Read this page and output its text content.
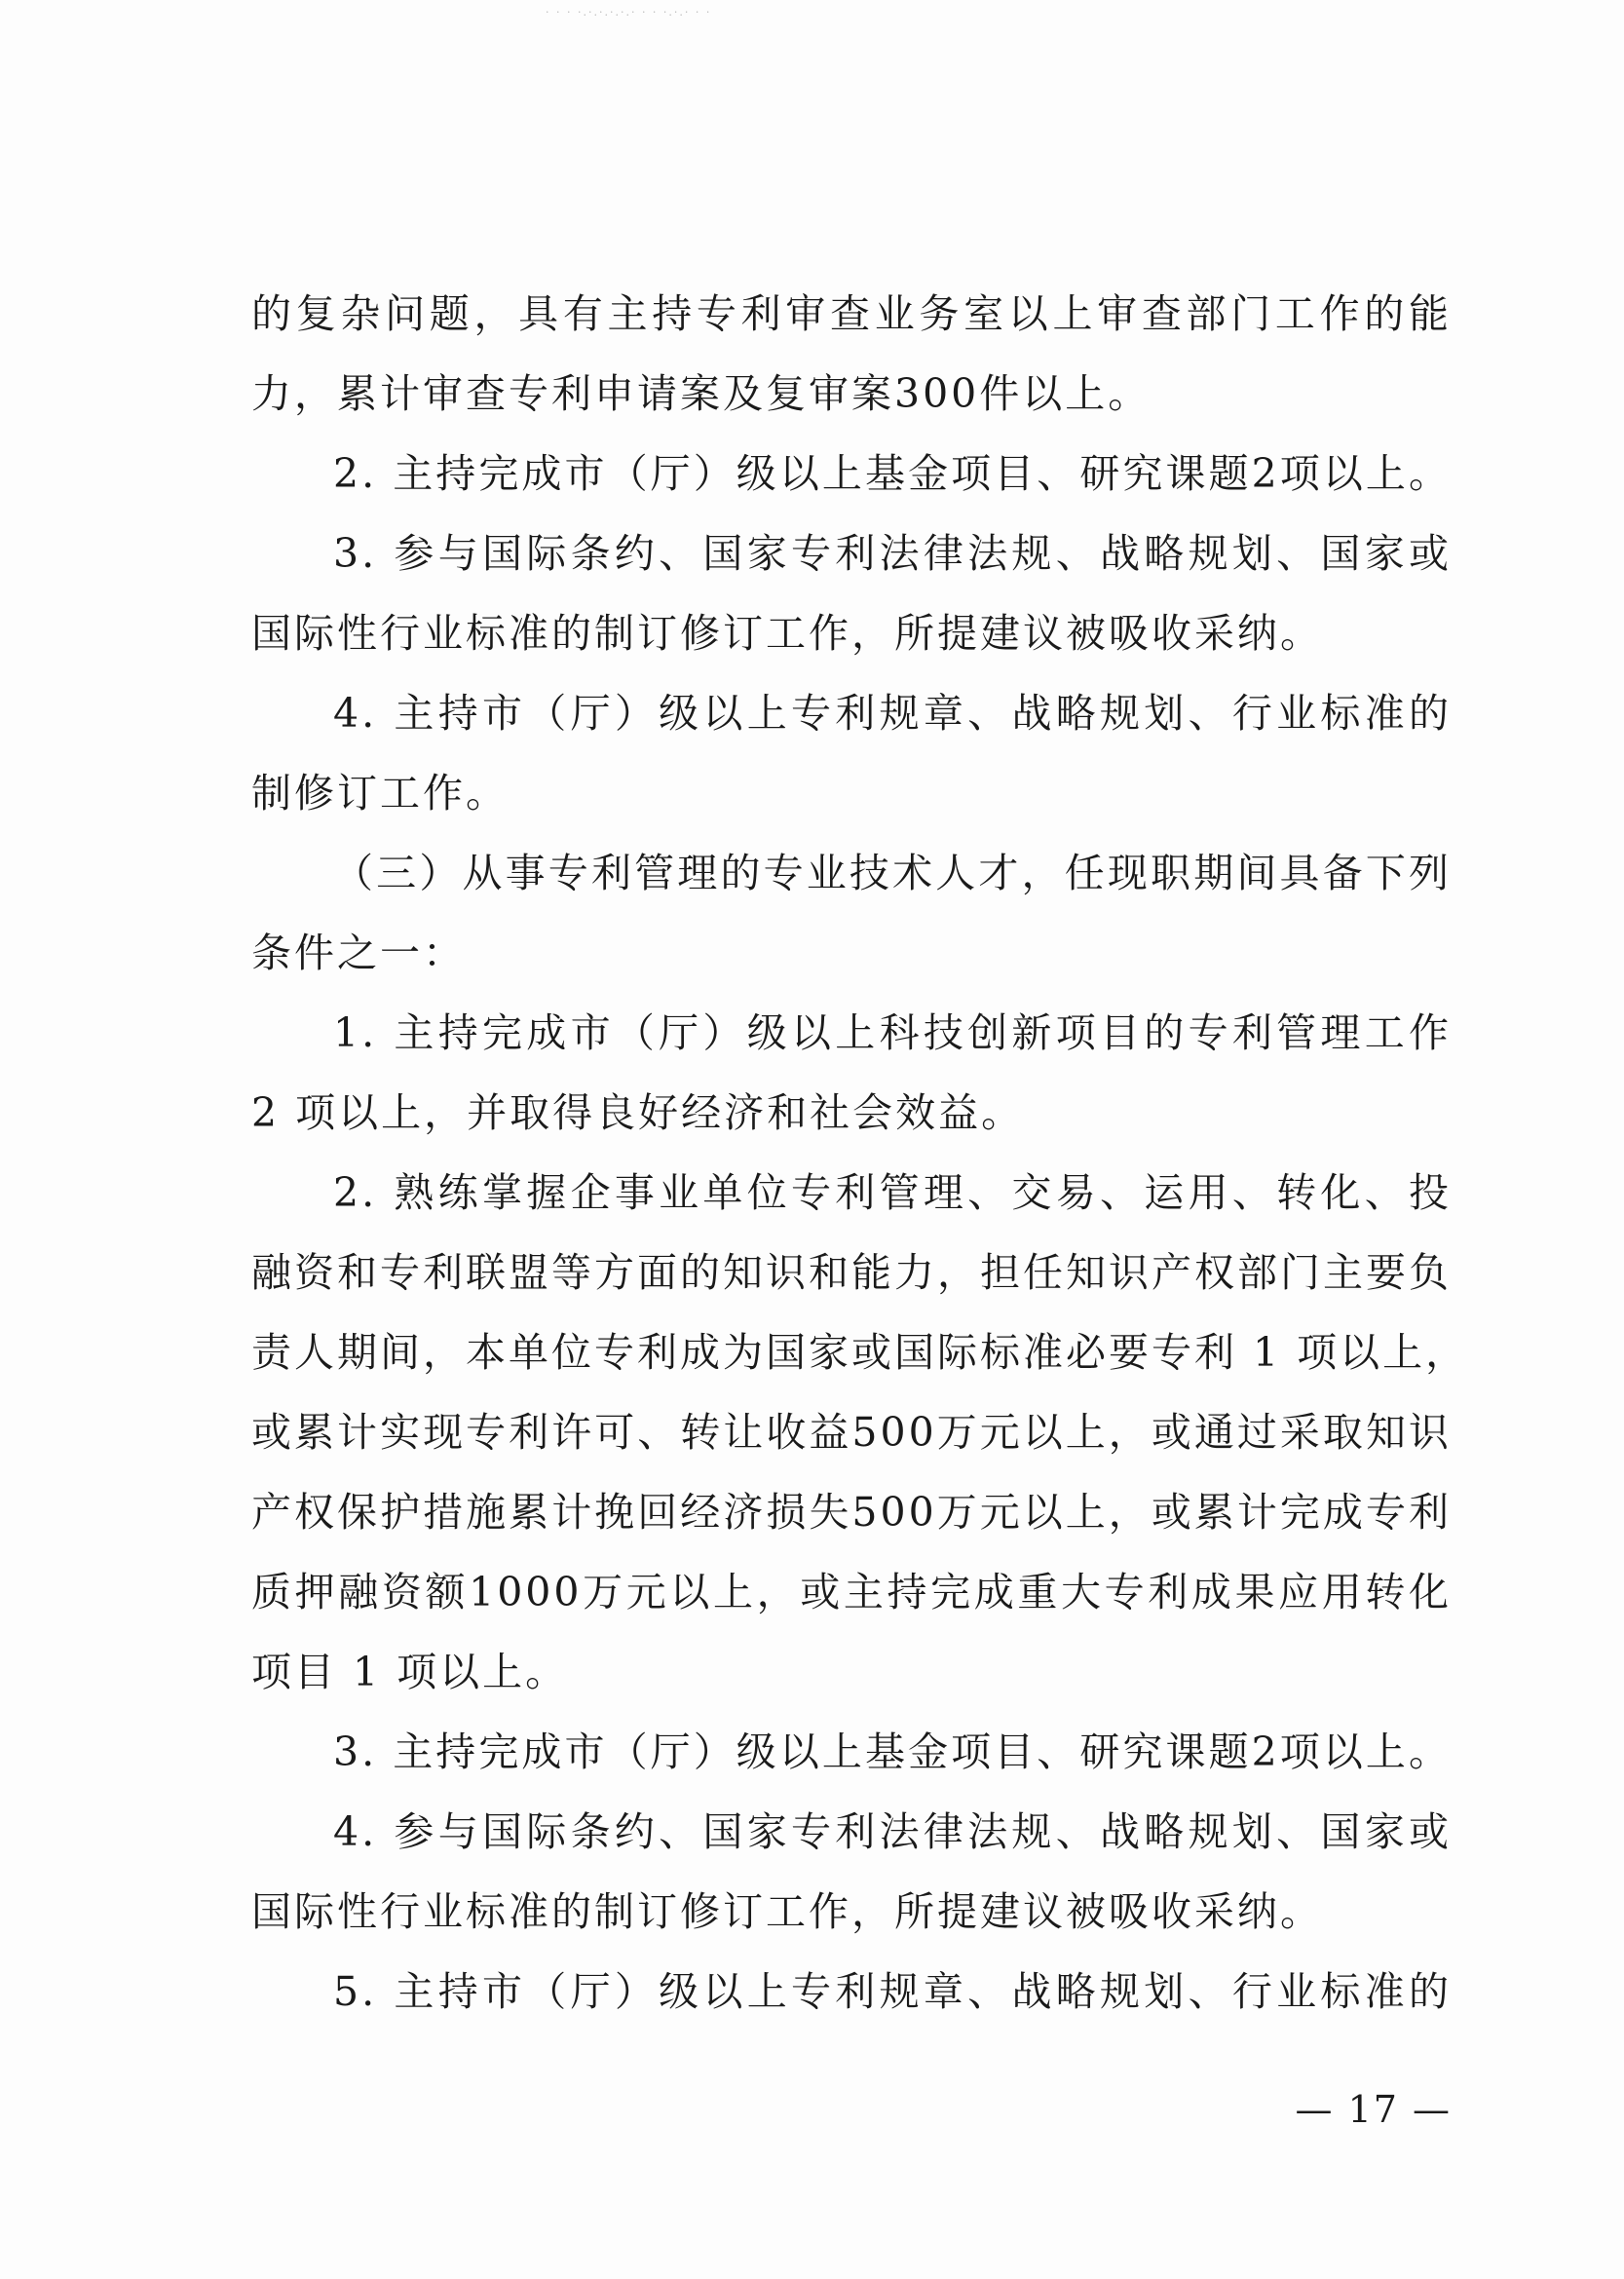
· · · ·.·.·.·.·.· · · ·.·.· · ·
的复杂问题，具有主持专利审查业务室以上审查部门工作的能
力，累计审查专利申请案及复审案300件以上。
2. 主持完成市（厅）级以上基金项目、研究课题2项以上。
3. 参与国际条约、国家专利法律法规、战略规划、国家或
国际性行业标准的制订修订工作，所提建议被吸收采纳。
4. 主持市（厅）级以上专利规章、战略规划、行业标准的
制修订工作。
（三）从事专利管理的专业技术人才，任现职期间具备下列
条件之一：
1. 主持完成市（厅）级以上科技创新项目的专利管理工作
2 项以上，并取得良好经济和社会效益。
2. 熟练掌握企事业单位专利管理、交易、运用、转化、投
融资和专利联盟等方面的知识和能力，担任知识产权部门主要负
责人期间，本单位专利成为国家或国际标准必要专利 1 项以上，
或累计实现专利许可、转让收益500万元以上，或通过采取知识
产权保护措施累计挽回经济损失500万元以上，或累计完成专利
质押融资额1000万元以上，或主持完成重大专利成果应用转化
项目 1 项以上。
3. 主持完成市（厅）级以上基金项目、研究课题2项以上。
4. 参与国际条约、国家专利法律法规、战略规划、国家或
国际性行业标准的制订修订工作，所提建议被吸收采纳。
5. 主持市（厅）级以上专利规章、战略规划、行业标准的
— 17 —
